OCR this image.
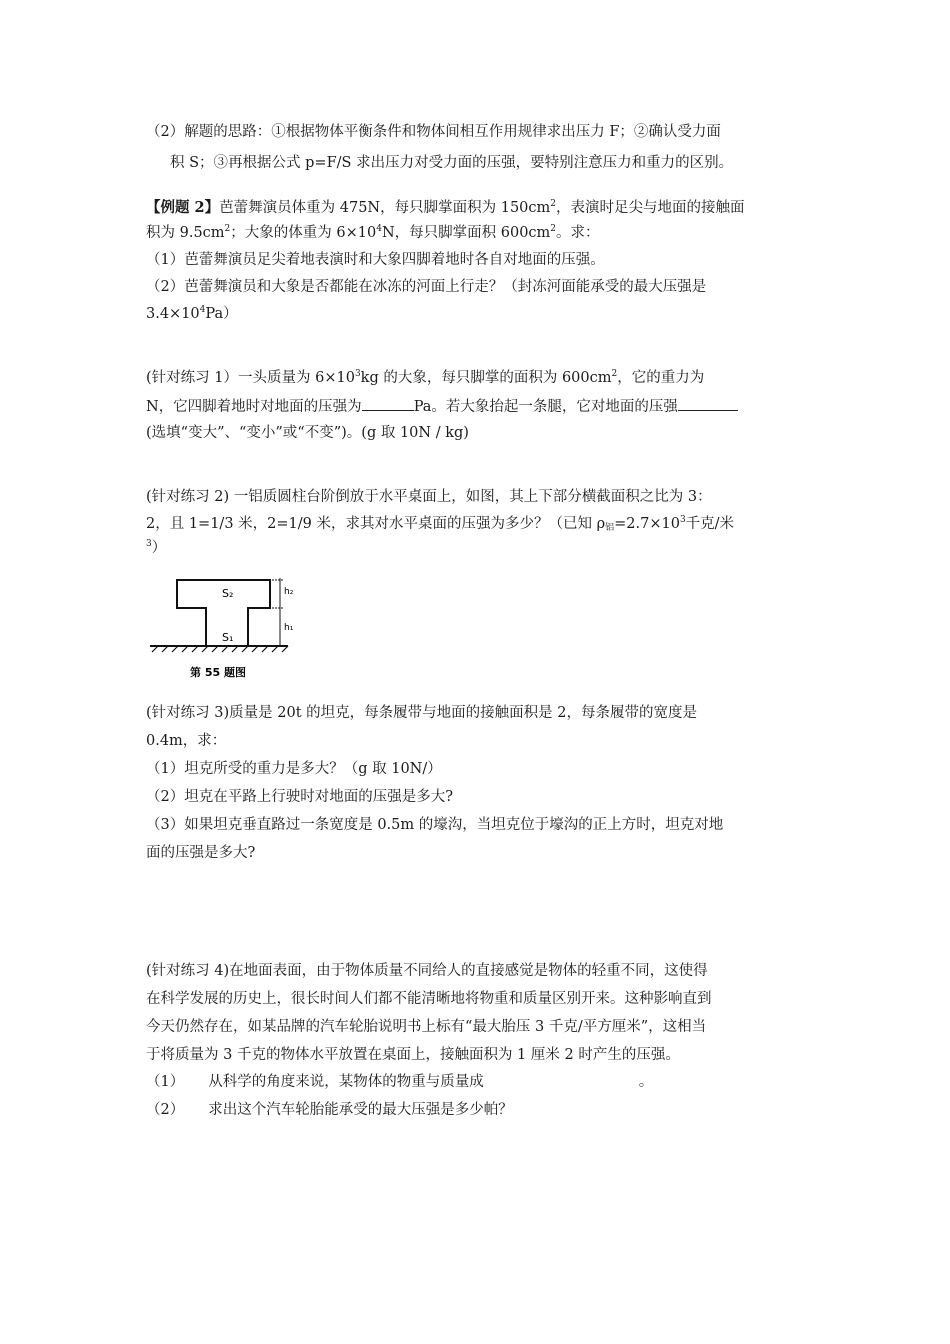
（2）解题的思路：①根据物体平衡条件和物体间相互作用规律求出压力 F；②确认受力面
积 S；③再根据公式 p=F/S 求出压力对受力面的压强，要特别注意压力和重力的区别。
【例题 2】芭蕾舞演员体重为 475N，每只脚掌面积为 $150cm^2$，表演时足尖与地面的接触面
积为 $9.5cm^2$；大象的体重为 $6\times 10^4N$，每只脚掌面积 $600cm^2$。求：
（1）芭蕾舞演员足尖着地表演时和大象四脚着地时各自对地面的压强。
（2）芭蕾舞演员和大象是否都能在冰冻的河面上行走？（封冻河面能承受的最大压强是
$3.4\times 10^4Pa$）
(针对练习 1）一头质量为 $6\times 10^3kg$ 的大象，每只脚掌的面积为 $600cm^2$，它的重力为
N，它四脚着地时对地面的压强为	Pa。若大象抬起一条腿，它对地面的压强
(选填“变大”、“变小”或“不变”)。(g 取 10N / kg)
(针对练习 2) 一铝质圆柱台阶倒放于水平桌面上，如图，其上下部分横截面积之比为 3：
2，且 1=1/3 米，2=1/9 米，求其对水平桌面的压强为多少？（已知 $\rho_铝=2.7\times 10^3$千克/米
$^3$）
S₂
S₁
h₂
h₁
第 55 题图
(针对练习 3)质量是 20t 的坦克，每条履带与地面的接触面积是 2，每条履带的宽度是
0.4m，求：
（1）坦克所受的重力是多大？（g 取 10N/）
（2）坦克在平路上行驶时对地面的压强是多大?
（3）如果坦克垂直路过一条宽度是 0.5m 的壕沟，当坦克位于壕沟的正上方时，坦克对地
面的压强是多大?
(针对练习 4)在地面表面，由于物体质量不同给人的直接感觉是物体的轻重不同，这使得
在科学发展的历史上，很长时间人们都不能清晰地将物重和质量区别开来。这种影响直到
今天仍然存在，如某品牌的汽车轮胎说明书上标有“最大胎压 3 千克/平方厘米”，这相当
于将质量为 3 千克的物体水平放置在桌面上，接触面积为 1 厘米 2 时产生的压强。
（1） 从科学的角度来说，某物体的物重与质量成	。
（2） 求出这个汽车轮胎能承受的最大压强是多少帕？
